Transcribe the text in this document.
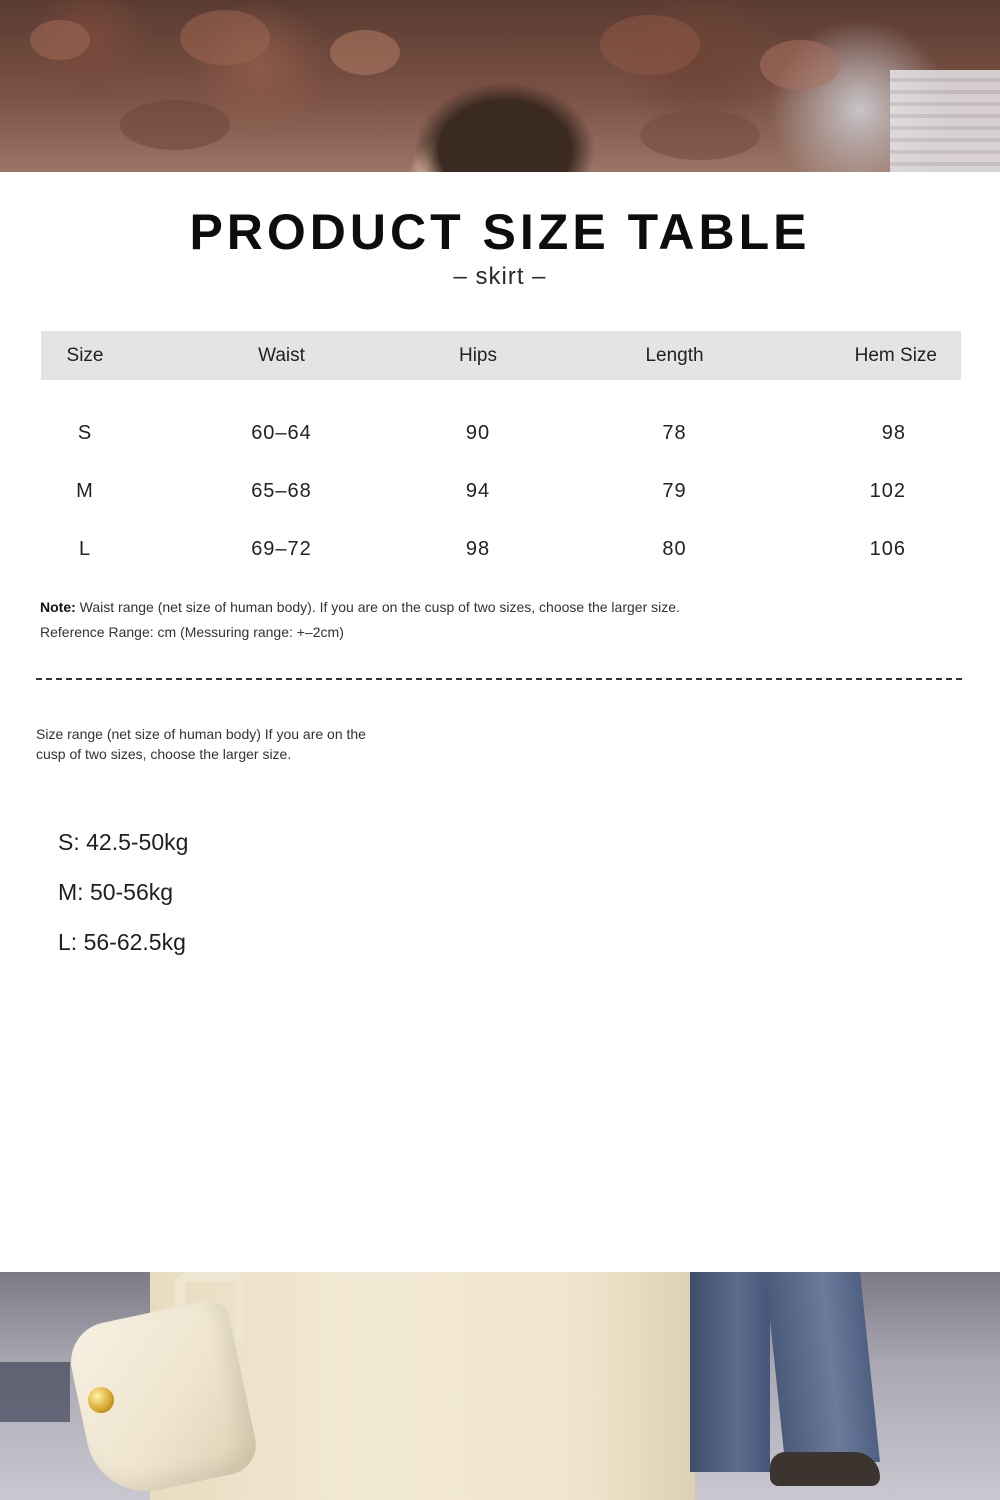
PRODUCT SIZE TABLE
– skirt –
Size	Waist	Hips	Length	Hem Size
S	60–64	90	78	98
M	65–68	94	79	102
L	69–72	98	80	106
Note: Waist range (net size of human body). If you are on the cusp of two sizes, choose the larger size.
Reference Range: cm (Messuring range: +–2cm)
Size range (net size of human body) If you are on the cusp of two sizes, choose the larger size.
S: 42.5-50kg
M: 50-56kg
L: 56-62.5kg
